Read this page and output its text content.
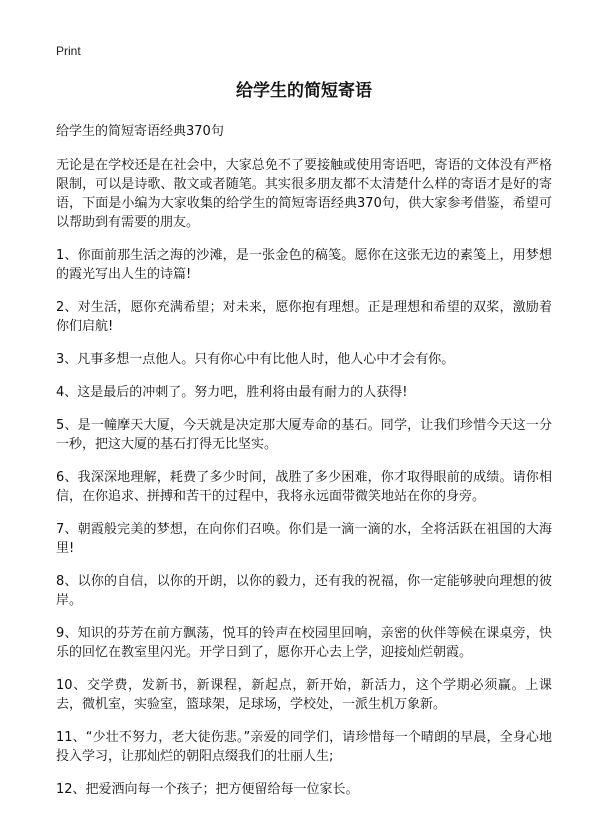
Print
给学生的简短寄语
给学生的简短寄语经典370句

无论是在学校还是在社会中，大家总免不了要接触或使用寄语吧，寄语的文体没有严格限制，可以是诗歌、散文或者随笔。其实很多朋友都不太清楚什么样的寄语才是好的寄语，下面是小编为大家收集的给学生的简短寄语经典370句，供大家参考借鉴，希望可以帮助到有需要的朋友。

1、你面前那生活之海的沙滩，是一张金色的稿笺。愿你在这张无边的素笺上，用梦想的霞光写出人生的诗篇!

2、对生活，愿你充满希望；对未来，愿你抱有理想。正是理想和希望的双桨，激励着你们启航!

3、凡事多想一点他人。只有你心中有比他人时，他人心中才会有你。

4、这是最后的冲刺了。努力吧，胜利将由最有耐力的人获得!

5、是一幢摩天大厦，今天就是决定那大厦寿命的基石。同学，让我们珍惜今天这一分一秒，把这大厦的基石打得无比坚实。

6、我深深地理解，耗费了多少时间，战胜了多少困难，你才取得眼前的成绩。请你相信，在你追求、拼搏和苦干的过程中，我将永远面带微笑地站在你的身旁。

7、朝霞般完美的梦想，在向你们召唤。你们是一滴一滴的水，全将活跃在祖国的大海里!

8、以你的自信，以你的开朗，以你的毅力，还有我的祝福，你一定能够驶向理想的彼岸。

9、知识的芬芳在前方飘荡，悦耳的铃声在校园里回响，亲密的伙伴等候在课桌旁，快乐的回忆在教室里闪光。开学日到了，愿你开心去上学，迎接灿烂朝霞。

10、交学费，发新书，新课程，新起点，新开始，新活力，这个学期必须赢。上课去，微机室，实验室，篮球架，足球场，学校处，一派生机万象新。

11、“少壮不努力，老大徒伤悲。”亲爱的同学们，请珍惜每一个晴朗的早晨，全身心地投入学习，让那灿烂的朝阳点缀我们的壮丽人生;

12、把爱洒向每一个孩子；把方便留给每一位家长。
